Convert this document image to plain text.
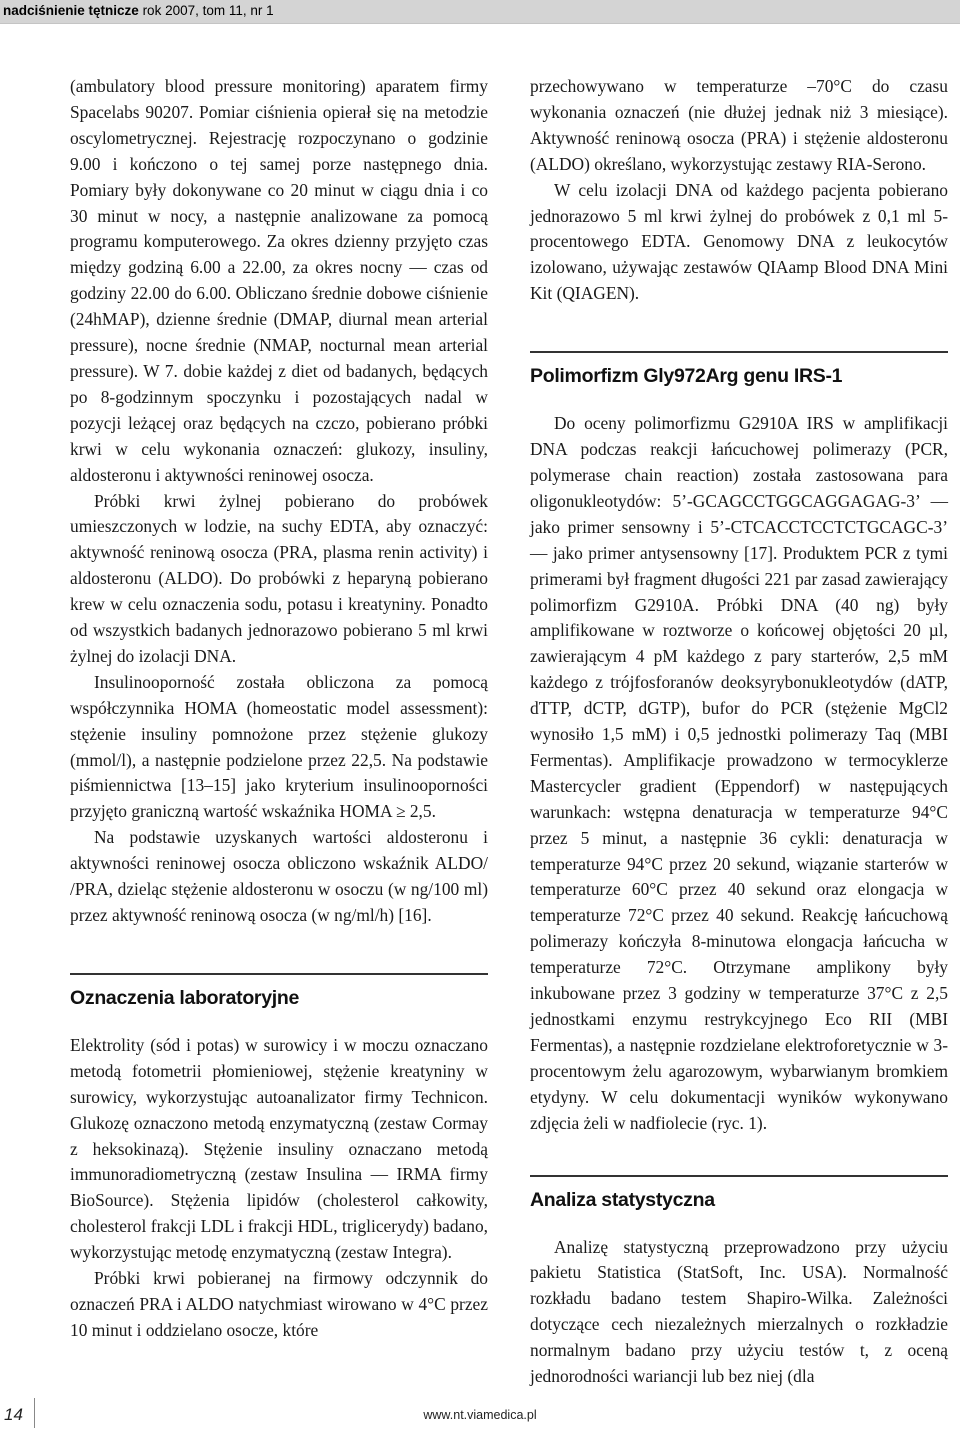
nadciśnienie tętnicze rok 2007, tom 11, nr 1

(ambulatory blood pressure monitoring) aparatem firmy Spacelabs 90207. Pomiar ciśnienia opierał się na metodzie oscylometrycznej. Rejestrację rozpoczynano o godzinie 9.00 i kończono o tej samej porze następnego dnia. Pomiary były dokonywane co 20 minut w ciągu dnia i co 30 minut w nocy, a następnie analizowane za pomocą programu komputerowego. Za okres dzienny przyjęto czas między godziną 6.00 a 22.00, za okres nocny — czas od godziny 22.00 do 6.00. Obliczano średnie dobowe ciśnienie (24hMAP), dzienne średnie (DMAP, diurnal mean arterial pressure), nocne średnie (NMAP, nocturnal mean arterial pressure). W 7. dobie każdej z diet od badanych, będących po 8-godzinnym spoczynku i pozostających nadal w pozycji leżącej oraz będących na czczo, pobierano próbki krwi w celu wykonania oznaczeń: glukozy, insuliny, aldosteronu i aktywności reninowej osocza.

Próbki krwi żylnej pobierano do probówek umieszczonych w lodzie, na suchy EDTA, aby oznaczyć: aktywność reninową osocza (PRA, plasma renin activity) i aldosteronu (ALDO). Do probówki z heparyną pobierano krew w celu oznaczenia sodu, potasu i kreatyniny. Ponadto od wszystkich badanych jednorazowo pobierano 5 ml krwi żylnej do izolacji DNA.

Insulinooporność została obliczona za pomocą współczynnika HOMA (homeostatic model assessment): stężenie insuliny pomnożone przez stężenie glukozy (mmol/l), a następnie podzielone przez 22,5. Na podstawie piśmiennictwa [13–15] jako kryterium insulinooporności przyjęto graniczną wartość wskaźnika HOMA ≥ 2,5.

Na podstawie uzyskanych wartości aldosteronu i aktywności reninowej osocza obliczono wskaźnik ALDO/ /PRA, dzieląc stężenie aldosteronu w osoczu (w ng/100 ml) przez aktywność reninową osocza (w ng/ml/h) [16].

Oznaczenia laboratoryjne

Elektrolity (sód i potas) w surowicy i w moczu oznaczano metodą fotometrii płomieniowej, stężenie kreatyniny w surowicy, wykorzystując autoanalizator firmy Technicon. Glukozę oznaczono metodą enzymatyczną (zestaw Cormay z heksokinazą). Stężenie insuliny oznaczano metodą immunoradiometryczną (zestaw Insulina — IRMA firmy BioSource). Stężenia lipidów (cholesterol całkowity, cholesterol frakcji LDL i frakcji HDL, triglicerydy) badano, wykorzystując metodę enzymatyczną (zestaw Integra).

Próbki krwi pobieranej na firmowy odczynnik do oznaczeń PRA i ALDO natychmiast wirowano w 4°C przez 10 minut i oddzielano osocze, które

przechowywano w temperaturze –70°C do czasu wykonania oznaczeń (nie dłużej jednak niż 3 miesiące). Aktywność reninową osocza (PRA) i stężenie aldosteronu (ALDO) określano, wykorzystując zestawy RIA-Serono.

W celu izolacji DNA od każdego pacjenta pobierano jednorazowo 5 ml krwi żylnej do probówek z 0,1 ml 5-procentowego EDTA. Genomowy DNA z leukocytów izolowano, używając zestawów QIAamp Blood DNA Mini Kit (QIAGEN).

Polimorfizm Gly972Arg genu IRS-1

Do oceny polimorfizmu G2910A IRS w amplifikacji DNA podczas reakcji łańcuchowej polimerazy (PCR, polymerase chain reaction) została zastosowana para oligonukleotydów: 5’-GCAGCCTGGCAGGAGAG-3’ — jako primer sensowny i 5’-CTCACCTCCTCTGCAGC-3’ — jako primer antysensowny [17]. Produktem PCR z tymi primerami był fragment długości 221 par zasad zawierający polimorfizm G2910A. Próbki DNA (40 ng) były amplifikowane w roztworze o końcowej objętości 20 µl, zawierającym 4 pM każdego z pary starterów, 2,5 mM każdego z trójfosforanów deoksyrybonukleotydów (dATP, dTTP, dCTP, dGTP), bufor do PCR (stężenie MgCl2 wynosiło 1,5 mM) i 0,5 jednostki polimerazy Taq (MBI Fermentas). Amplifikacje prowadzono w termocyklerze Mastercycler gradient (Eppendorf) w następujących warunkach: wstępna denaturacja w temperaturze 94°C przez 5 minut, a następnie 36 cykli: denaturacja w temperaturze 94°C przez 20 sekund, wiązanie starterów w temperaturze 60°C przez 40 sekund oraz elongacja w temperaturze 72°C przez 40 sekund. Reakcję łańcuchową polimerazy kończyła 8-minutowa elongacja łańcucha w temperaturze 72°C. Otrzymane amplikony były inkubowane przez 3 godziny w temperaturze 37°C z 2,5 jednostkami enzymu restrykcyjnego Eco RII (MBI Fermentas), a następnie rozdzielane elektroforetycznie w 3-procentowym żelu agarozowym, wybarwianym bromkiem etydyny. W celu dokumentacji wyników wykonywano zdjęcia żeli w nadfiolecie (ryc. 1).

Analiza statystyczna

Analizę statystyczną przeprowadzono przy użyciu pakietu Statistica (StatSoft, Inc. USA). Normalność rozkładu badano testem Shapiro-Wilka. Zależności dotyczące cech niezależnych mierzalnych o rozkładzie normalnym badano przy użyciu testów t, z oceną jednorodności wariancji lub bez niej (dla

14	www.nt.viamedica.pl
